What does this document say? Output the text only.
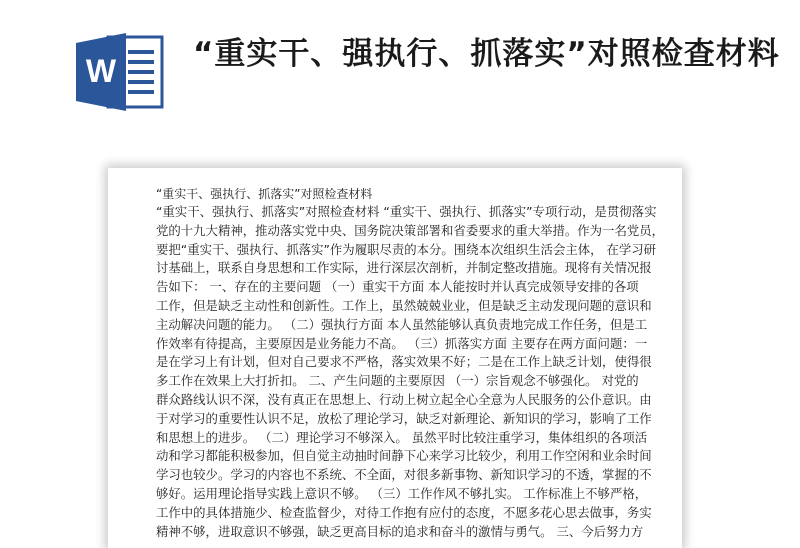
W “重实干、强执行、抓落实”对照检查材料
“重实干、强执行、抓落实”对照检查材料
“重实干、强执行、抓落实”对照检查材料 “重实干、强执行、抓落实”专项行动，是贯彻落实
党的十九大精神，推动落实党中央、国务院决策部署和省委要求的重大举措。作为一名党员，
要把“重实干、强执行、抓落实”作为履职尽责的本分。围绕本次组织生活会主体， 在学习研
讨基础上，联系自身思想和工作实际，进行深层次剖析，并制定整改措施。现将有关情况报
告如下： 一、存在的主要问题 （一）重实干方面 本人能按时并认真完成领导安排的各项
工作，但是缺乏主动性和创新性。工作上，虽然兢兢业业，但是缺乏主动发现问题的意识和
主动解决问题的能力。 （二）强执行方面 本人虽然能够认真负责地完成工作任务，但是工
作效率有待提高，主要原因是业务能力不高。 （三）抓落实方面 主要存在两方面问题：一
是在学习上有计划，但对自己要求不严格，落实效果不好；二是在工作上缺乏计划，使得很
多工作在效果上大打折扣。 二、产生问题的主要原因 （一）宗旨观念不够强化。 对党的
群众路线认识不深，没有真正在思想上、行动上树立起全心全意为人民服务的公仆意识。由
于对学习的重要性认识不足，放松了理论学习，缺乏对新理论、新知识的学习，影响了工作
和思想上的进步。 （二）理论学习不够深入。 虽然平时比较注重学习，集体组织的各项活
动和学习都能积极参加，但自觉主动抽时间静下心来学习比较少，利用工作空闲和业余时间
学习也较少。学习的内容也不系统、不全面，对很多新事物、新知识学习的不透，掌握的不
够好。运用理论指导实践上意识不够。 （三）工作作风不够扎实。 工作标准上不够严格，
工作中的具体措施少、检查监督少，对待工作抱有应付的态度，不愿多花心思去做事，务实
精神不够，进取意识不够强，缺乏更高目标的追求和奋斗的激情与勇气。 三、今后努力方
